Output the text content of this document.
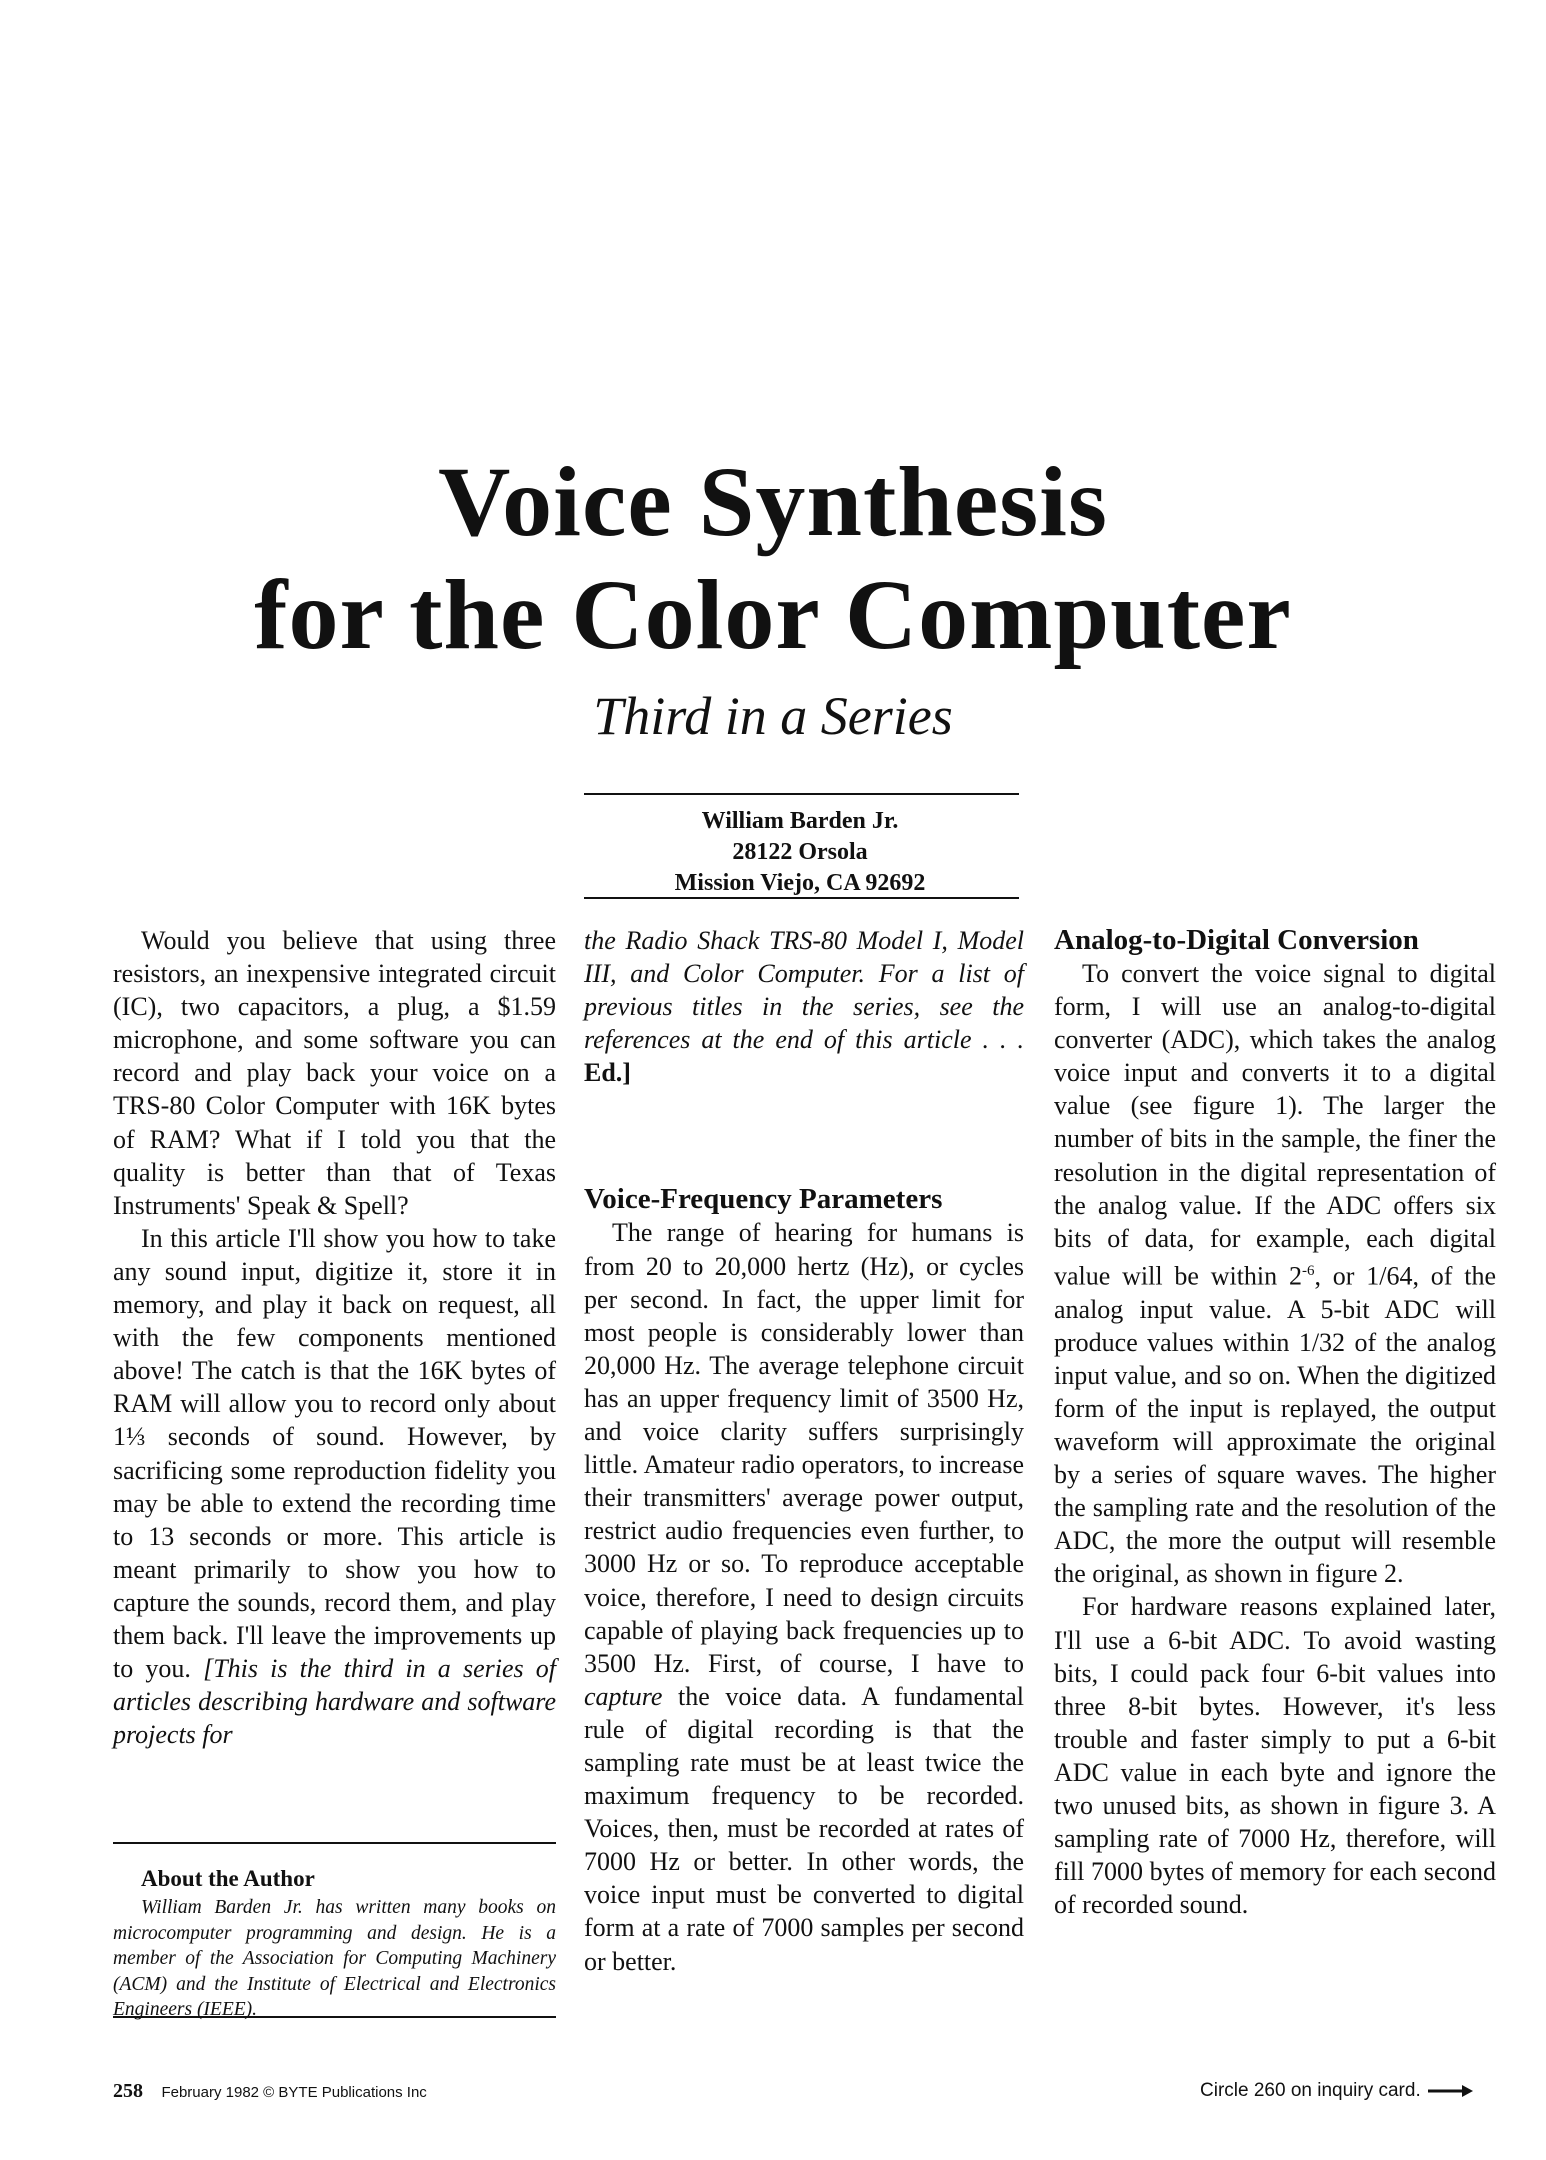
Voice Synthesis
for the Color Computer
Third in a Series
William Barden Jr.
28122 Orsola
Mission Viejo, CA 92692

Would you believe that using three resistors, an inexpensive integrated circuit (IC), two capacitors, a plug, a $1.59 microphone, and some software you can record and play back your voice on a TRS-80 Color Computer with 16K bytes of RAM? What if I told you that the quality is better than that of Texas Instruments' Speak & Spell?

In this article I'll show you how to take any sound input, digitize it, store it in memory, and play it back on request, all with the few components mentioned above! The catch is that the 16K bytes of RAM will allow you to record only about 1⅓ seconds of sound. However, by sacrificing some reproduction fidelity you may be able to extend the recording time to 13 seconds or more. This article is meant primarily to show you how to capture the sounds, record them, and play them back. I'll leave the improvements up to you. [This is the third in a series of articles describing hardware and software projects for

About the Author

William Barden Jr. has written many books on microcomputer programming and design. He is a member of the Association for Computing Machinery (ACM) and the Institute of Electrical and Electronics Engineers (IEEE).

the Radio Shack TRS-80 Model I, Model III, and Color Computer. For a list of previous titles in the series, see the references at the end of this article . . . Ed.]

Voice-Frequency Parameters

The range of hearing for humans is from 20 to 20,000 hertz (Hz), or cycles per second. In fact, the upper limit for most people is considerably lower than 20,000 Hz. The average telephone circuit has an upper frequency limit of 3500 Hz, and voice clarity suffers surprisingly little. Amateur radio operators, to increase their transmitters' average power output, restrict audio frequencies even further, to 3000 Hz or so. To reproduce acceptable voice, therefore, I need to design circuits capable of playing back frequencies up to 3500 Hz. First, of course, I have to capture the voice data. A fundamental rule of digital recording is that the sampling rate must be at least twice the maximum frequency to be recorded. Voices, then, must be recorded at rates of 7000 Hz or better. In other words, the voice input must be converted to digital form at a rate of 7000 samples per second or better.

Analog-to-Digital Conversion

To convert the voice signal to digital form, I will use an analog-to-digital converter (ADC), which takes the analog voice input and converts it to a digital value (see figure 1). The larger the number of bits in the sample, the finer the resolution in the digital representation of the analog value. If the ADC offers six bits of data, for example, each digital value will be within $2^{-6}$, or 1/64, of the analog input value. A 5-bit ADC will produce values within 1/32 of the analog input value, and so on. When the digitized form of the input is replayed, the output waveform will approximate the original by a series of square waves. The higher the sampling rate and the resolution of the ADC, the more the output will resemble the original, as shown in figure 2.

For hardware reasons explained later, I'll use a 6-bit ADC. To avoid wasting bits, I could pack four 6-bit values into three 8-bit bytes. However, it's less trouble and faster simply to put a 6-bit ADC value in each byte and ignore the two unused bits, as shown in figure 3. A sampling rate of 7000 Hz, therefore, will fill 7000 bytes of memory for each second of recorded sound.

258 February 1982 © BYTE Publications Inc	Circle 260 on inquiry card.
